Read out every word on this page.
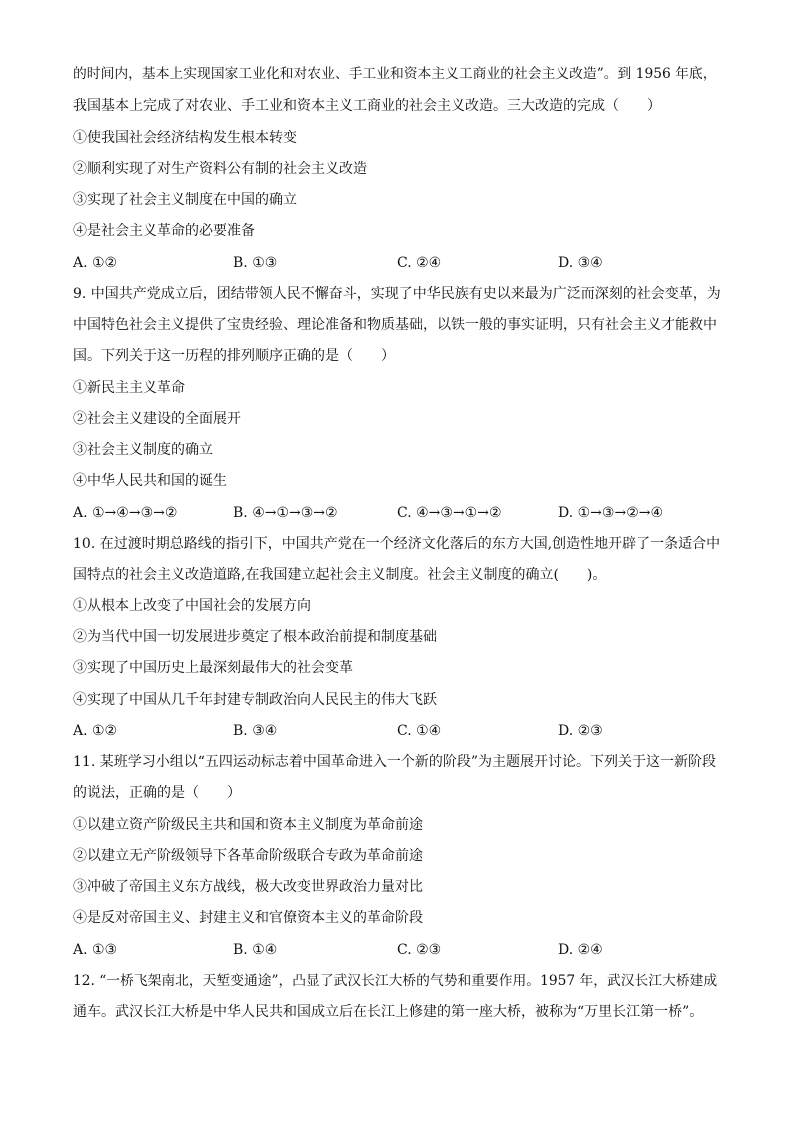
的时间内，基本上实现国家工业化和对农业、手工业和资本主义工商业的社会主义改造”。到 1956 年底，
我国基本上完成了对农业、手工业和资本主义工商业的社会主义改造。三大改造的完成（　　）
①使我国社会经济结构发生根本转变
②顺利实现了对生产资料公有制的社会主义改造
③实现了社会主义制度在中国的确立
④是社会主义革命的必要准备
A. ①②	B. ①③	C. ②④	D. ③④
9. 中国共产党成立后，团结带领人民不懈奋斗，实现了中华民族有史以来最为广泛而深刻的社会变革，为
中国特色社会主义提供了宝贵经验、理论准备和物质基础，以铁一般的事实证明，只有社会主义才能救中
国。下列关于这一历程的排列顺序正确的是（　　）
①新民主主义革命
②社会主义建设的全面展开
③社会主义制度的确立
④中华人民共和国的诞生
A. ①→④→③→②	B. ④→①→③→②	C. ④→③→①→②	D. ①→③→②→④
10. 在过渡时期总路线的指引下，中国共产党在一个经济文化落后的东方大国,创造性地开辟了一条适合中
国特点的社会主义改造道路,在我国建立起社会主义制度。社会主义制度的确立(　　)。
①从根本上改变了中国社会的发展方向
②为当代中国一切发展进步奠定了根本政治前提和制度基础
③实现了中国历史上最深刻最伟大的社会变革
④实现了中国从几千年封建专制政治向人民民主的伟大飞跃
A. ①②	B. ③④	C. ①④	D. ②③
11. 某班学习小组以“五四运动标志着中国革命进入一个新的阶段”为主题展开讨论。下列关于这一新阶段
的说法，正确的是（　　）
①以建立资产阶级民主共和国和资本主义制度为革命前途
②以建立无产阶级领导下各革命阶级联合专政为革命前途
③冲破了帝国主义东方战线，极大改变世界政治力量对比
④是反对帝国主义、封建主义和官僚资本主义的革命阶段
A. ①③	B. ①④	C. ②③	D. ②④
12. “一桥飞架南北，天堑变通途”，凸显了武汉长江大桥的气势和重要作用。1957 年，武汉长江大桥建成
通车。武汉长江大桥是中华人民共和国成立后在长江上修建的第一座大桥，被称为“万里长江第一桥”。
